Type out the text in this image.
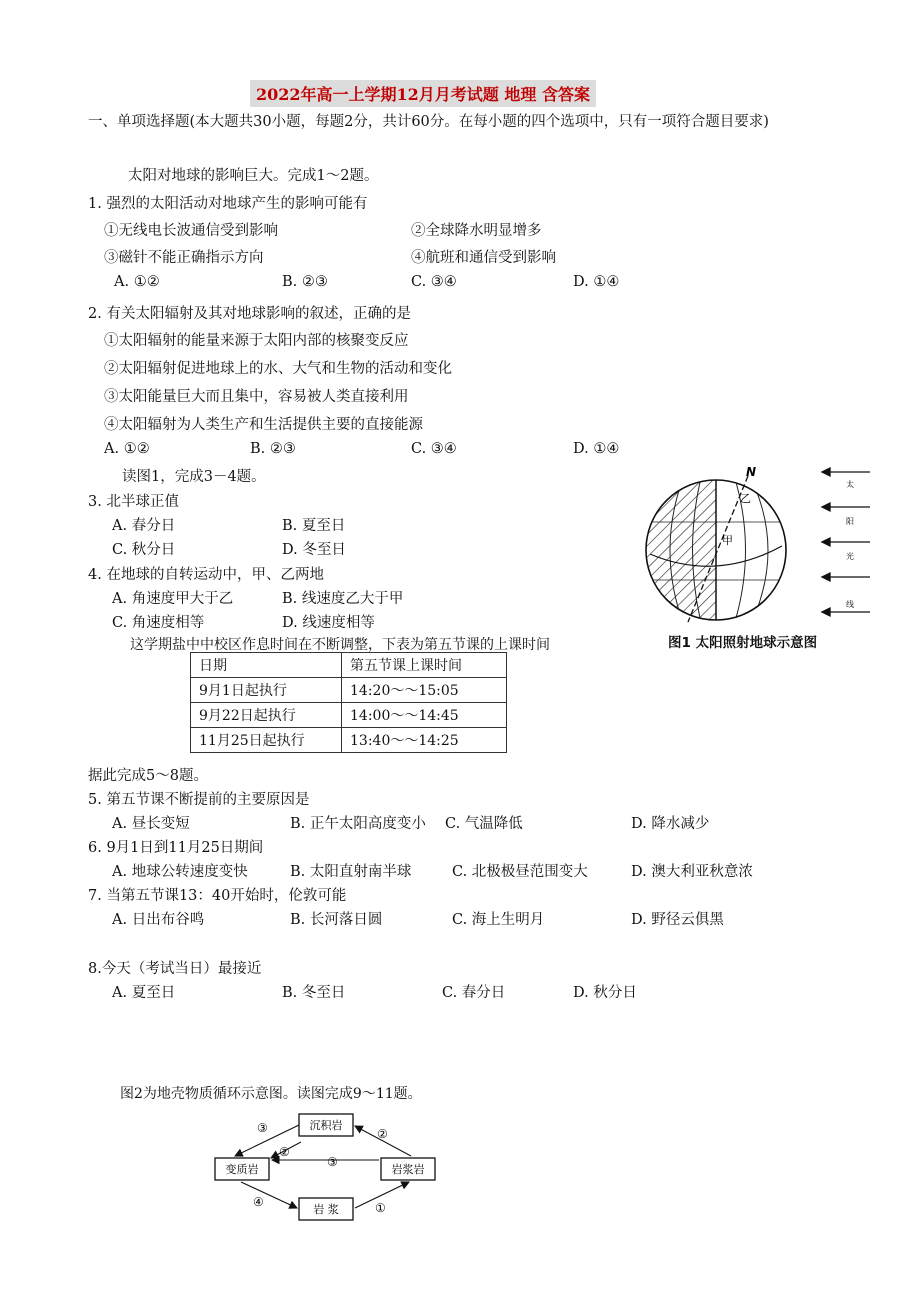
2022年高一上学期12月月考试题 地理 含答案
一、单项选择题(本大题共30小题，每题2分，共计60分。在每小题的四个选项中，只有一项符合题目要求)
太阳对地球的影响巨大。完成1～2题。
1. 强烈的太阳活动对地球产生的影响可能有
①无线电长波通信受到影响	②全球降水明显增多
③磁针不能正确指示方向	④航班和通信受到影响
A. ①②	B. ②③	C. ③④	D. ①④
2. 有关太阳辐射及其对地球影响的叙述，正确的是
①太阳辐射的能量来源于太阳内部的核聚变反应
②太阳辐射促进地球上的水、大气和生物的活动和变化
③太阳能量巨大而且集中，容易被人类直接利用
④太阳辐射为人类生产和生活提供主要的直接能源
A. ①②	B. ②③	C. ③④	D. ①④
读图1，完成3－4题。
3. 北半球正值
A. 春分日	B. 夏至日
C. 秋分日	D. 冬至日
4. 在地球的自转运动中，甲、乙两地
A. 角速度甲大于乙	B. 线速度乙大于甲
C. 角速度相等	D. 线速度相等
N
乙
甲
太
阳
光
线
图1 太阳照射地球示意图
这学期盐中中校区作息时间在不断调整，下表为第五节课的上课时间
日期	第五节课上课时间
9月1日起执行	14:20～～15:05
9月22日起执行	14:00～～14:45
11月25日起执行	13:40～～14:25
据此完成5～8题。
5. 第五节课不断提前的主要原因是
A. 昼长变短	B. 正午太阳高度变小 C. 气温降低	D. 降水减少
6. 9月1日到11月25日期间
A. 地球公转速度变快	B. 太阳直射南半球	C. 北极极昼范围变大	D. 澳大利亚秋意浓
7. 当第五节课13：40开始时，伦敦可能
A. 日出布谷鸣	B. 长河落日圆	C. 海上生明月	D. 野径云俱黑
8.今天（考试当日）最接近
A. 夏至日	B. 冬至日	C. 春分日	D. 秋分日
图2为地壳物质循环示意图。读图完成9～11题。
沉积岩
变质岩	岩浆岩
岩 浆
③	②
②
③
④	①
